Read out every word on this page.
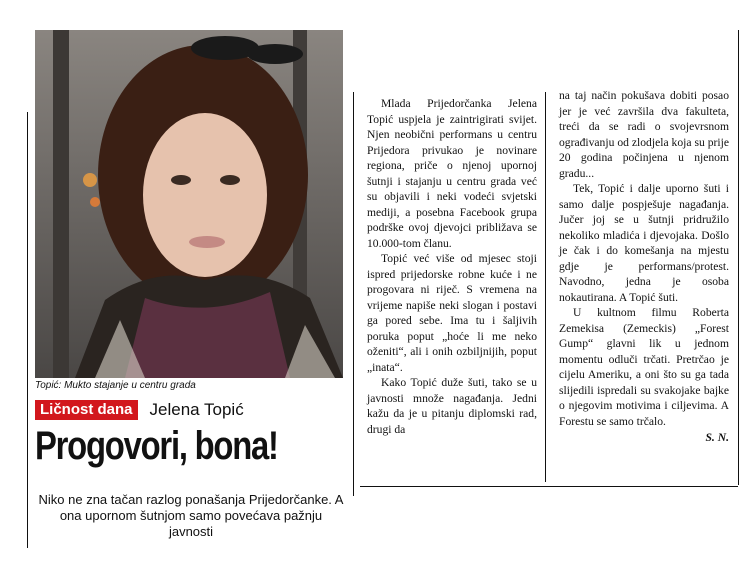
Topić: Mukto stajanje u centru grada
Ličnost dana Jelena Topić
Progovori, bona!
Niko ne zna tačan razlog ponašanja Prijedorčanke. A ona upornom šutnjom samo povećava pažnju javnosti

Mlada Prijedorčanka Jelena Topić uspjela je zaintrigirati svijet. Njen neobični performans u centru Prijedora privukao je novinare regiona, priče o njenoj upornoj šutnji i stajanju u centru grada već su objavili i neki vodeći svjetski mediji, a posebna Facebook grupa podrške ovoj djevojci približava se 10.000-tom članu.

Topić već više od mjesec stoji ispred prijedorske robne kuće i ne progovara ni riječ. S vremena na vrijeme napiše neki slogan i postavi ga pored sebe. Ima tu i šaljivih poruka poput „hoće li me neko oženiti“, ali i onih ozbiljnijih, poput „inata“.

Kako Topić duže šuti, tako se u javnosti množe nagađanja. Jedni kažu da je u pitanju diplomski rad, drugi da

na taj način pokušava dobiti posao jer je već završila dva fakulteta, treći da se radi o svojevrsnom ograđivanju od zlodjela koja su prije 20 godina počinjena u njenom gradu...

Tek, Topić i dalje uporno šuti i samo dalje pospješuje nagađanja. Jučer joj se u šutnji pridružilo nekoliko mladića i djevojaka. Došlo je čak i do komešanja na mjestu gdje je performans/protest. Navodno, jedna je osoba nokautirana. A Topić šuti.

U kultnom filmu Roberta Zemekisa (Zemeckis) „Forest Gump“ glavni lik u jednom momentu odluči trčati. Pretrčao je cijelu Ameriku, a oni što su ga tada slijedili ispredali su svakojake bajke o njegovim motivima i ciljevima. A Forestu se samo trčalo.

S. N.
